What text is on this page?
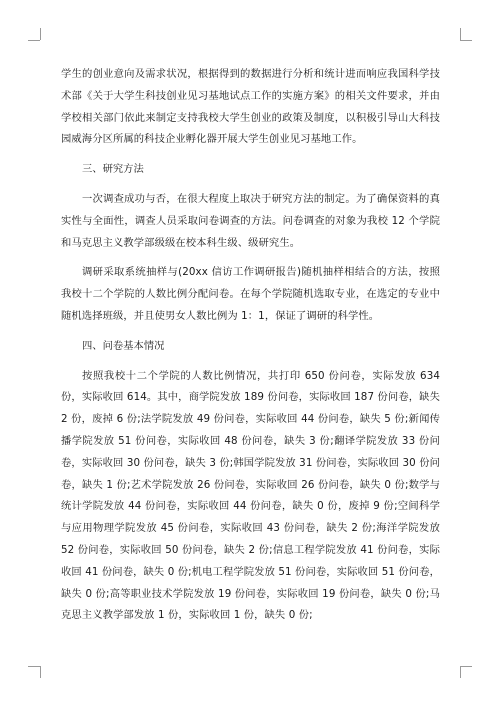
学生的创业意向及需求状况，根据得到的数据进行分析和统计进而响应我国科学技术部《关于大学生科技创业见习基地试点工作的实施方案》的相关文件要求，并由学校相关部门依此来制定支持我校大学生创业的政策及制度，以积极引导山大科技园威海分区所属的科技企业孵化器开展大学生创业见习基地工作。

三、研究方法

一次调查成功与否，在很大程度上取决于研究方法的制定。为了确保资料的真实性与全面性，调查人员采取问卷调查的方法。问卷调查的对象为我校 12 个学院和马克思主义教学部级级在校本科生级、级研究生。

调研采取系统抽样与(20xx 信访工作调研报告)随机抽样相结合的方法，按照我校十二个学院的人数比例分配问卷。在每个学院随机选取专业，在选定的专业中随机选择班级，并且使男女人数比例为 1：1，保证了调研的科学性。

四、问卷基本情况

按照我校十二个学院的人数比例情况，共打印 650 份问卷，实际发放 634 份，实际收回 614。其中，商学院发放 189 份问卷，实际收回 187 份问卷，缺失 2 份，废掉 6 份;法学院发放 49 份问卷，实际收回 44 份问卷，缺失 5 份;新闻传播学院发放 51 份问卷，实际收回 48 份问卷，缺失 3 份;翻译学院发放 33 份问卷，实际收回 30 份问卷，缺失 3 份;韩国学院发放 31 份问卷，实际收回 30 份问卷，缺失 1 份;艺术学院发放 26 份问卷，实际收回 26 份问卷，缺失 0 份;数学与统计学院发放 44 份问卷，实际收回 44 份问卷，缺失 0 份，废掉 9 份;空间科学与应用物理学院发放 45 份问卷，实际收回 43 份问卷，缺失 2 份;海洋学院发放 52 份问卷，实际收回 50 份问卷，缺失 2 份;信息工程学院发放 41 份问卷，实际收回 41 份问卷，缺失 0 份;机电工程学院发放 51 份问卷，实际收回 51 份问卷，缺失 0 份;高等职业技术学院发放 19 份问卷，实际收回 19 份问卷，缺失 0 份;马克思主义教学部发放 1 份，实际收回 1 份，缺失 0 份;
